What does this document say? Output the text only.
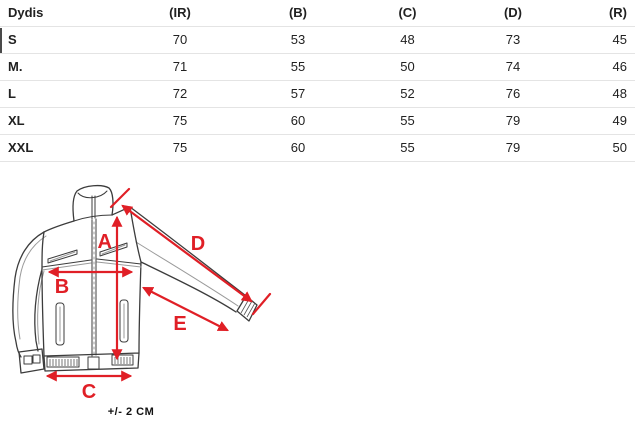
Dydis	(IR)	(B)	(C)	(D)	(R)
S	70	53	48	73	45
M.	71	55	50	74	46
L	72	57	52	76	48
XL	75	60	55	79	49
XXL	75	60	55	79	50
A
B
C
D
E
+/- 2 CM
